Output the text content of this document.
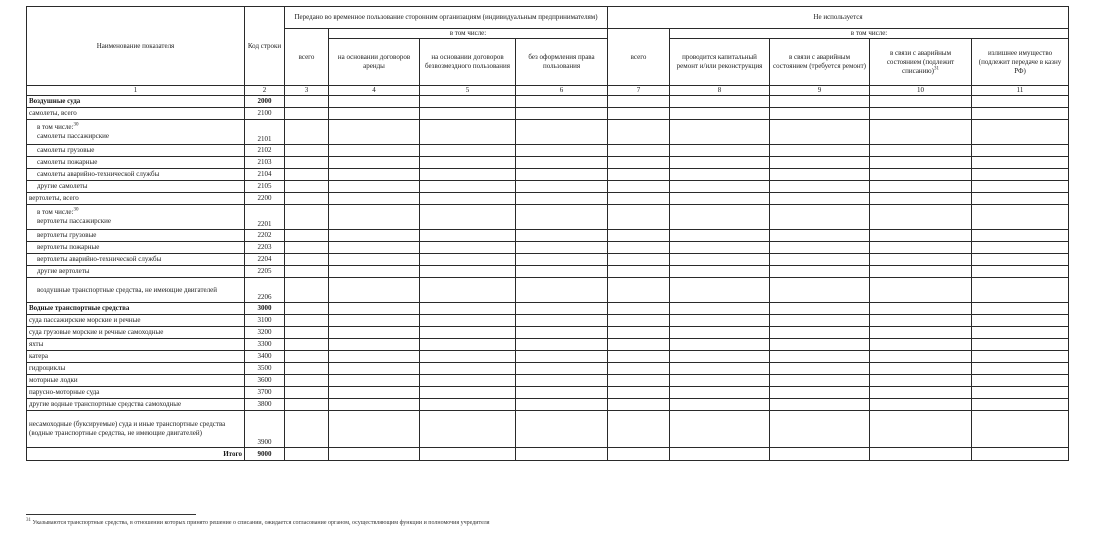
Наименование показателя	Код строки	Передано во временное пользование сторонним организациям (индивидуальным предпринимателям)				Не используется				
		всего	в том числе:			всего	в том числе:			
			на основании договоров аренды	на основании договоров безвозмездного пользования	без оформления права пользования		проводится капитальный ремонт и/или реконструкция	в связи с аварийным состоянием (требуется ремонт)	в связи с аварийным состоянием (подлежит списанию)$^{31}$	излишнее имущество (подлежит передаче в казну РФ)
1	2	3	4	5	6	7	8	9	10	11
Воздушные суда	2000									
самолеты, всего	2100									

в том числе:$^{30}$
самолеты пассажирские	2101									
самолеты грузовые	2102									
самолеты пожарные	2103									
самолеты аварийно-технической службы	2104									
другие самолеты	2105									
вертолеты, всего	2200									

в том числе:$^{30}$
вертолеты пассажирские	2201									
вертолеты грузовые	2202									
вертолеты пожарные	2203									
вертолеты аварийно-технической службы	2204									
другие вертолеты	2205									
воздушные транспортные средства, не имеющие двигателей	2206									
Водные транспортные средства	3000									
суда пассажирские морские и речные	3100									
суда грузовые морские и речные самоходные	3200									
яхты	3300									
катера	3400									
гидроциклы	3500									
моторные лодки	3600									
парусно-моторные суда	3700									
другие водные транспортные средства самоходные	3800									
несамоходные (буксируемые) суда и иные транспортные средства (водные транспортные средства, не имеющие двигателей)	3900									
Итого	9000									
$^{31}$ Указываются транспортные средства, в отношении которых принято решение о списании, ожидается согласование органом, осуществляющим функции и полномочия учредителя
